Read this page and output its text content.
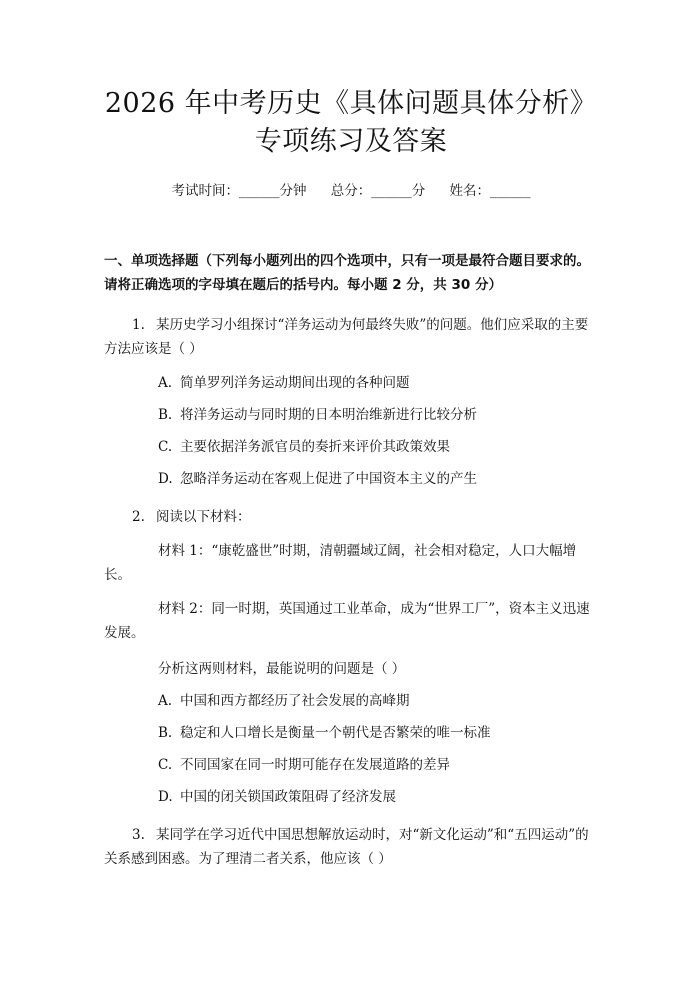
2026 年中考历史《具体问题具体分析》专项练习及答案
考试时间：______分钟 总分：______分 姓名：______
一、单项选择题（下列每小题列出的四个选项中，只有一项是最符合题目要求的。请将正确选项的字母填在题后的括号内。每小题 2 分，共 30 分）
1. 某历史学习小组探讨“洋务运动为何最终失败”的问题。他们应采取的主要方法应该是（ ）
A. 简单罗列洋务运动期间出现的各种问题
B. 将洋务运动与同时期的日本明治维新进行比较分析
C. 主要依据洋务派官员的奏折来评价其政策效果
D. 忽略洋务运动在客观上促进了中国资本主义的产生
2. 阅读以下材料：
材料 1：“康乾盛世”时期，清朝疆域辽阔，社会相对稳定，人口大幅增长。
材料 2：同一时期，英国通过工业革命，成为“世界工厂”，资本主义迅速发展。
分析这两则材料，最能说明的问题是（ ）
A. 中国和西方都经历了社会发展的高峰期
B. 稳定和人口增长是衡量一个朝代是否繁荣的唯一标准
C. 不同国家在同一时期可能存在发展道路的差异
D. 中国的闭关锁国政策阻碍了经济发展
3. 某同学在学习近代中国思想解放运动时，对“新文化运动”和“五四运动”的关系感到困惑。为了理清二者关系，他应该（ ）
